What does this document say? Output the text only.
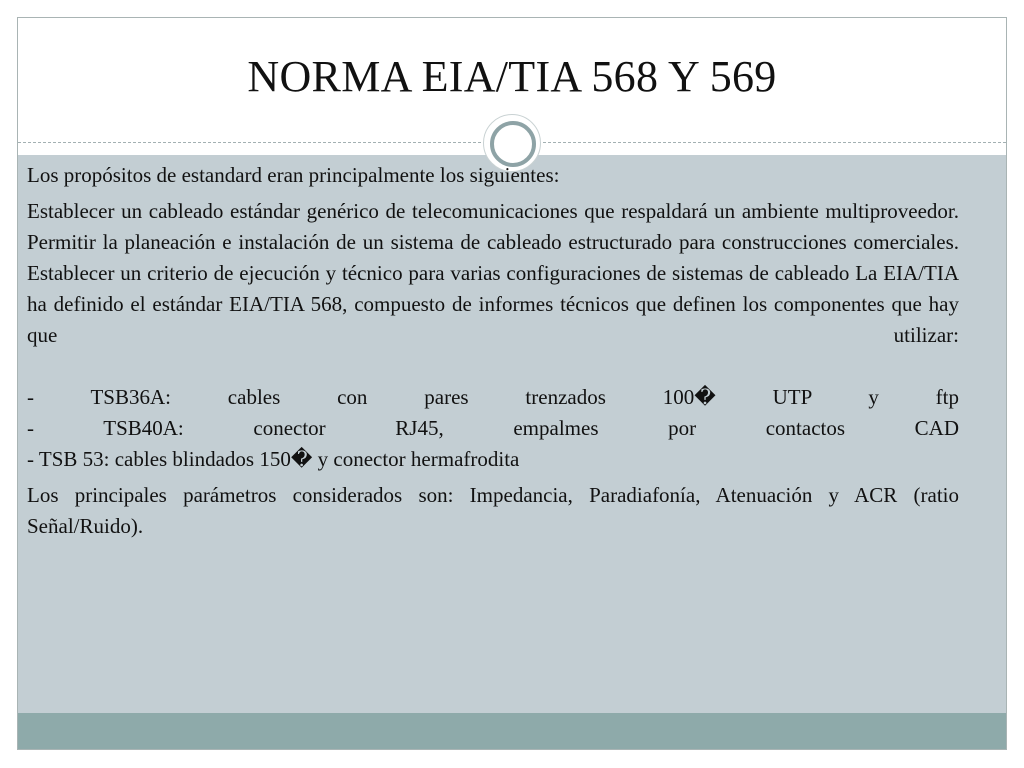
NORMA EIA/TIA 568 Y 569

Los propósitos de estandard eran principalmente los siguientes:

Establecer un cableado estándar genérico de telecomunicaciones que respaldará un ambiente multiproveedor. Permitir la planeación e instalación de un sistema de cableado estructurado para construcciones comerciales. Establecer un criterio de ejecución y técnico para varias configuraciones de sistemas de cableado La EIA/TIA ha definido el estándar EIA/TIA 568, compuesto de informes técnicos que definen los componentes que hay que utilizar:
- TSB36A: cables con pares trenzados 100� UTP y ftp
- TSB40A: conector RJ45, empalmes por contactos CAD
- TSB 53: cables blindados 150� y conector hermafrodita

Los principales parámetros considerados son: Impedancia, Paradiafonía, Atenuación y ACR (ratio Señal/Ruido).
